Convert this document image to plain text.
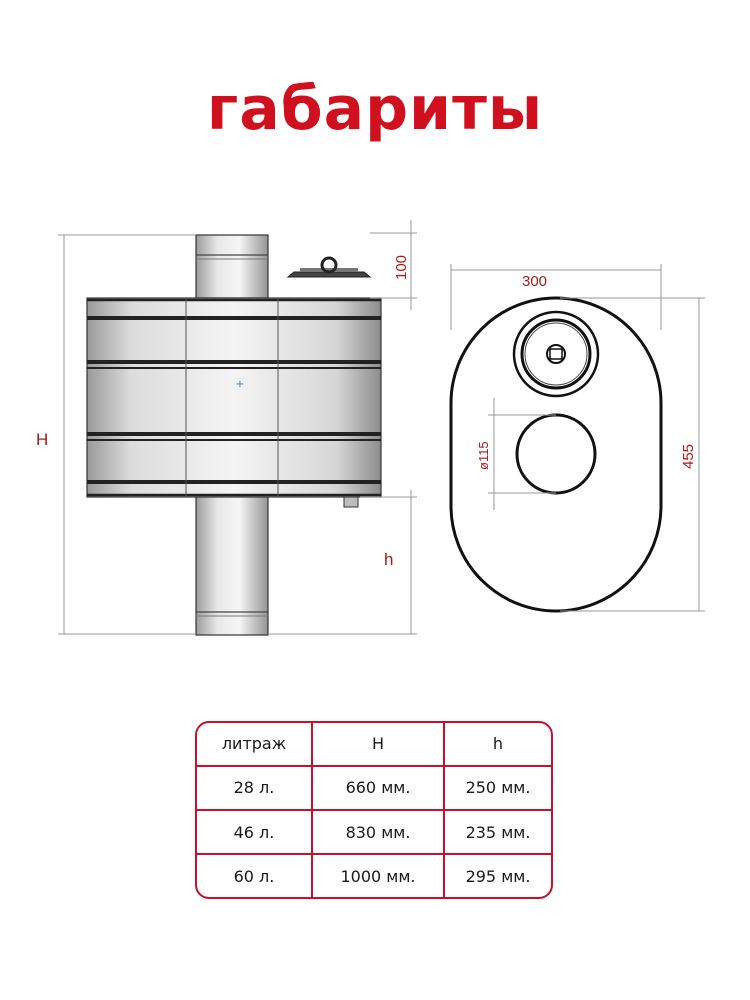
габариты
+
H
h
100
300
455
ø115
литраж	H	h
28 л.	660 мм.	250 мм.
46 л.	830 мм.	235 мм.
60 л.	1000 мм.	295 мм.
